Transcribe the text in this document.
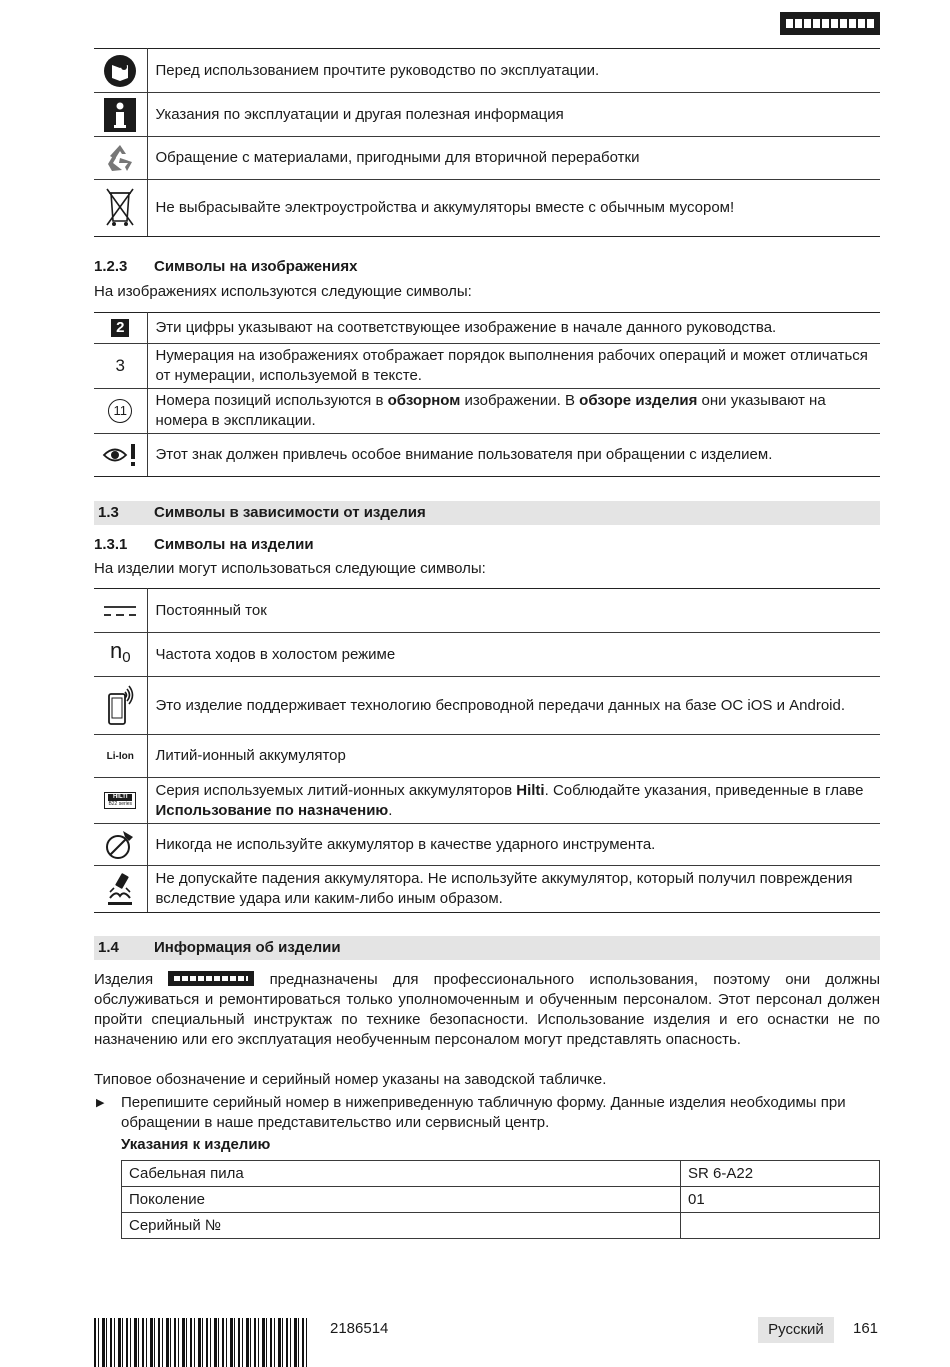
	Перед использованием прочтите руководство по эксплуатации.

	Указания по эксплуатации и другая полезная информация

	Обращение с материалами, пригодными для вторичной переработки

	Не выбрасывайте электроустройства и аккумуляторы вместе с обычным мусором!
1.2.3 Символы на изображениях
На изображениях используются следующие символы:
2	Эти цифры указывают на соответствующее изображение в начале данного руководства.
3	Нумерация на изображениях отображает порядок выполнения рабочих операций и может отличаться от нумерации, используемой в тексте.
11	Номера позиций используются в обзорном изображении. В обзоре изделия они указывают на номера в экспликации.

	Этот знак должен привлечь особое внимание пользователя при обращении с изделием.
1.3 Символы в зависимости от изделия
1.3.1 Символы на изделии
На изделии могут использоваться следующие символы:
	Постоянный ток
$n_0$	Частота ходов в холостом режиме

	Это изделие поддерживает технологию беспроводной передачи данных на базе ОС iOS и Android.
Li-Ion	Литий-ионный аккумулятор

HILTI
B22 series	Серия используемых литий-ионных аккумуляторов Hilti. Соблюдайте указания, приведенные в главе Использование по назначению.

	Никогда не используйте аккумулятор в качестве ударного инструмента.

	Не допускайте падения аккумулятора. Не используйте аккумулятор, который получил повреждения вследствие удара или каким-либо иным образом.
1.4 Информация об изделии
Изделия	предназначены для профессионального использования, поэтому они должны обслуживаться и ремонтироваться только уполномоченным и обученным персоналом. Этот персонал должен пройти специальный инструктаж по технике безопасности. Использование изделия и его оснастки не по назначению или его эксплуатация необученным персоналом могут представлять опасность.
Типовое обозначение и серийный номер указаны на заводской табличке.
▶ Перепишите серийный номер в нижеприведенную табличную форму. Данные изделия необходимы при обращении в наше представительство или сервисный центр.
Указания к изделию
Сабельная пила	SR 6-A22
Поколение	01
Серийный №	
2186514	Русский	161
